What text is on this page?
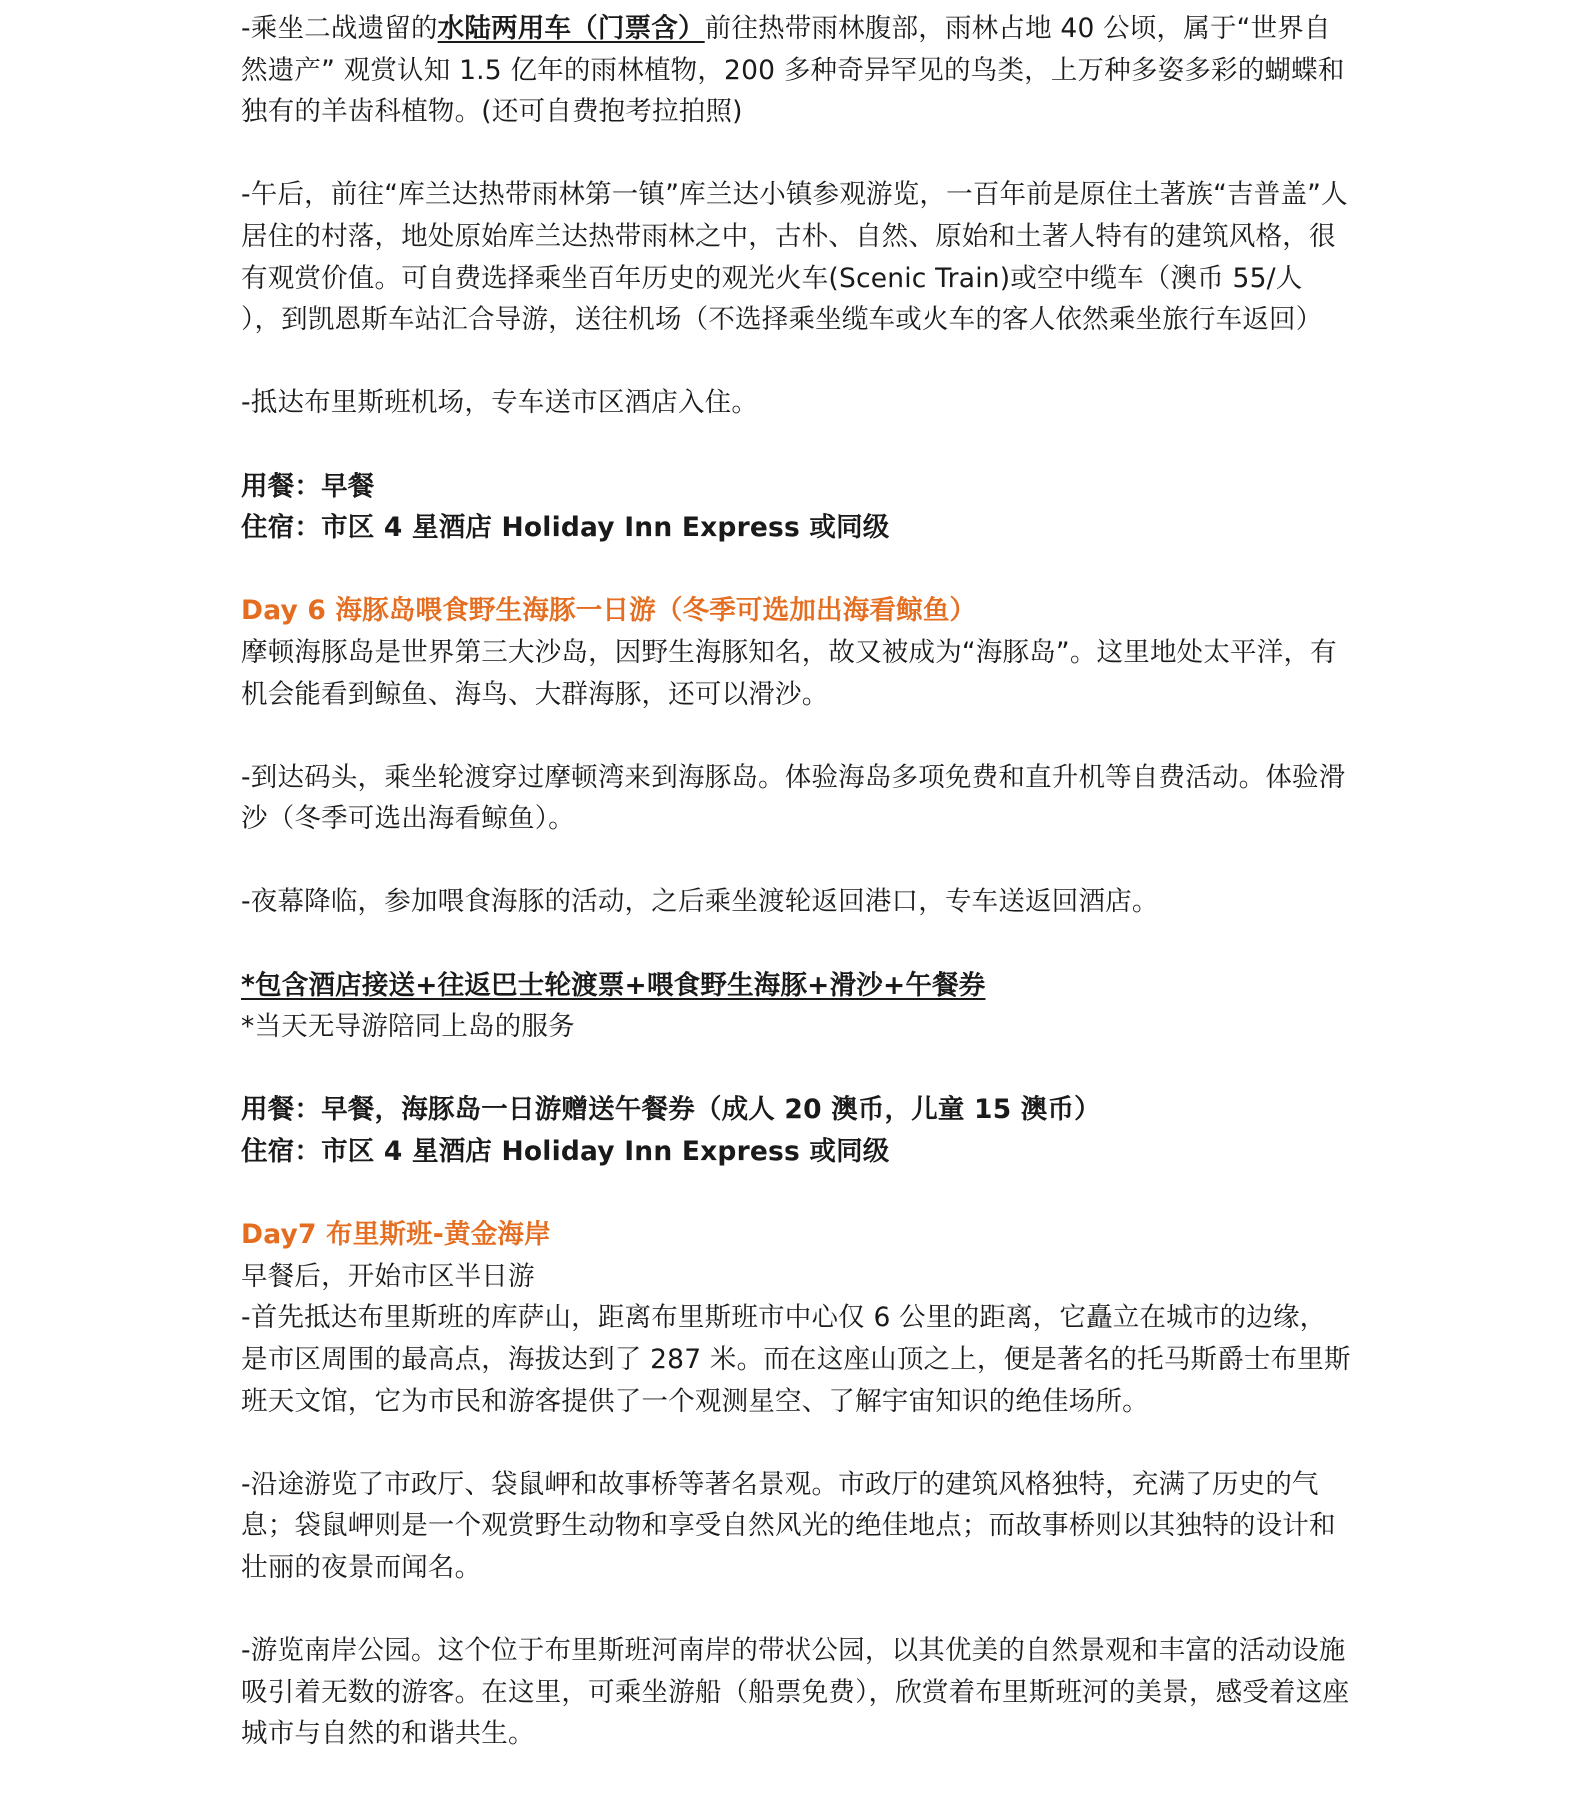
-乘坐二战遗留的水陆两用车（门票含）前往热带雨林腹部，雨林占地 40 公顷，属于“世界自然遗产” 观赏认知 1.5 亿年的雨林植物，200 多种奇异罕见的鸟类，上万种多姿多彩的蝴蝶和独有的羊齿科植物。(还可自费抱考拉拍照)

-午后，前往“库兰达热带雨林第一镇”库兰达小镇参观游览，一百年前是原住土著族“吉普盖”人居住的村落，地处原始库兰达热带雨林之中，古朴、自然、原始和土著人特有的建筑风格，很有观赏价值。可自费选择乘坐百年历史的观光火车(Scenic Train)或空中缆车（澳币 55/人 ），到凯恩斯车站汇合导游，送往机场（不选择乘坐缆车或火车的客人依然乘坐旅行车返回）

-抵达布里斯班机场，专车送市区酒店入住。

用餐：早餐

住宿：市区 4 星酒店 Holiday Inn Express 或同级

Day 6 海豚岛喂食野生海豚一日游（冬季可选加出海看鲸鱼）

摩顿海豚岛是世界第三大沙岛，因野生海豚知名，故又被成为“海豚岛”。这里地处太平洋，有机会能看到鲸鱼、海鸟、大群海豚，还可以滑沙。

-到达码头，乘坐轮渡穿过摩顿湾来到海豚岛。体验海岛多项免费和直升机等自费活动。体验滑沙（冬季可选出海看鲸鱼）。

-夜幕降临，参加喂食海豚的活动，之后乘坐渡轮返回港口，专车送返回酒店。

*包含酒店接送+往返巴士轮渡票+喂食野生海豚+滑沙+午餐券

*当天无导游陪同上岛的服务

用餐：早餐，海豚岛一日游赠送午餐券（成人 20 澳币，儿童 15 澳币）

住宿：市区 4 星酒店 Holiday Inn Express 或同级

Day7 布里斯班-黄金海岸

早餐后，开始市区半日游

-首先抵达布里斯班的库萨山，距离布里斯班市中心仅 6 公里的距离，它矗立在城市的边缘，是市区周围的最高点，海拔达到了 287 米。而在这座山顶之上，便是著名的托马斯爵士布里斯班天文馆，它为市民和游客提供了一个观测星空、了解宇宙知识的绝佳场所。

-沿途游览了市政厅、袋鼠岬和故事桥等著名景观。市政厅的建筑风格独特，充满了历史的气息；袋鼠岬则是一个观赏野生动物和享受自然风光的绝佳地点；而故事桥则以其独特的设计和壮丽的夜景而闻名。

-游览南岸公园。这个位于布里斯班河南岸的带状公园，以其优美的自然景观和丰富的活动设施吸引着无数的游客。在这里，可乘坐游船（船票免费），欣赏着布里斯班河的美景，感受着这座城市与自然的和谐共生。
